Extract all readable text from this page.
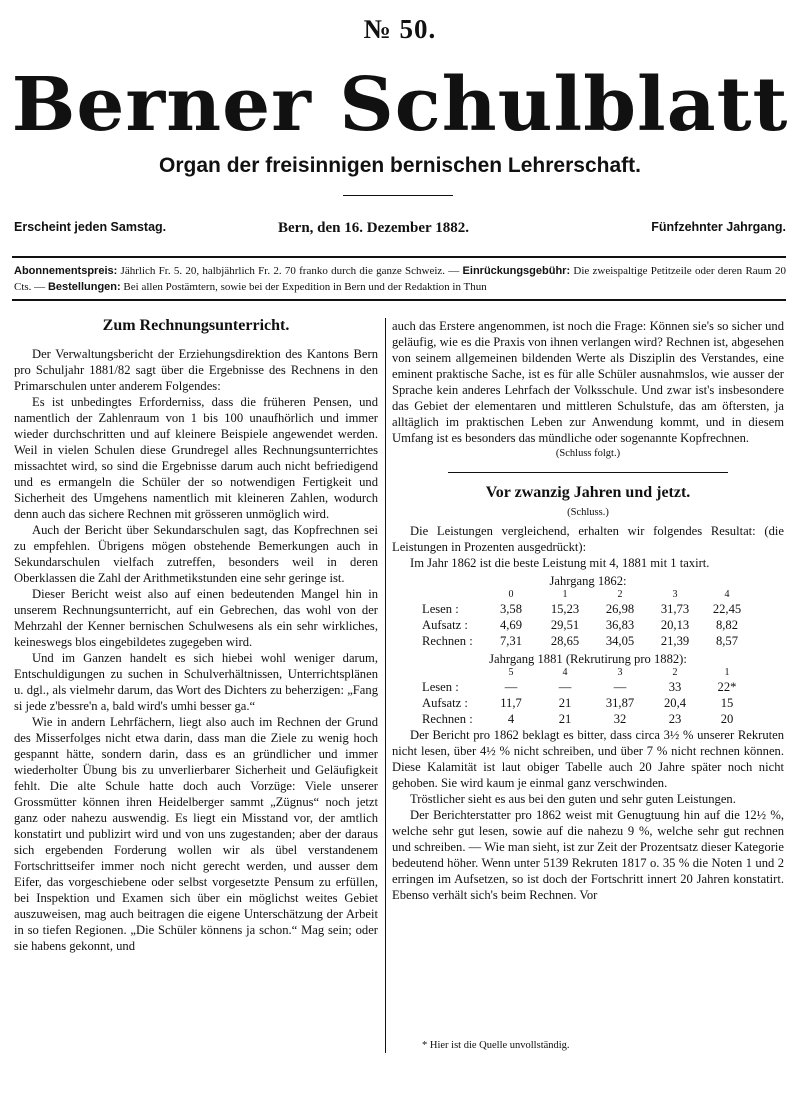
№ 50.
Berner Schulblatt
Organ der freisinnigen bernischen Lehrerschaft.
Erscheint jeden Samstag.	Bern, den 16. Dezember 1882.	Fünfzehnter Jahrgang.
Abonnementspreis: Jährlich Fr. 5. 20, halbjährlich Fr. 2. 70 franko durch die ganze Schweiz. — Einrückungsgebühr: Die zweispaltige Petitzeile oder deren Raum 20 Cts. — Bestellungen: Bei allen Postämtern, sowie bei der Expedition in Bern und der Redaktion in Thun
Zum Rechnungsunterricht.

Der Verwaltungsbericht der Erziehungsdirektion des Kantons Bern pro Schuljahr 1881/82 sagt über die Ergebnisse des Rechnens in den Primarschulen unter anderem Folgendes:

Es ist unbedingtes Erforderniss, dass die früheren Pensen, und namentlich der Zahlenraum von 1 bis 100 unaufhörlich und immer wieder durchschritten und auf kleinere Beispiele angewendet werden. Weil in vielen Schulen diese Grundregel alles Rechnungsunterrichtes missachtet wird, so sind die Ergebnisse darum auch nicht befriedigend und es ermangeln die Schüler der so notwendigen Fertigkeit und Sicherheit des Umgehens namentlich mit kleineren Zahlen, wodurch denn auch das sichere Rechnen mit grösseren unmöglich wird.

Auch der Bericht über Sekundarschulen sagt, das Kopfrechnen sei zu empfehlen. Übrigens mögen obstehende Bemerkungen auch in Sekundarschulen vielfach zutreffen, besonders weil in deren Oberklassen die Zahl der Arithmetikstunden eine sehr geringe ist.

Dieser Bericht weist also auf einen bedeutenden Mangel hin in unserem Rechnungsunterricht, auf ein Gebrechen, das wohl von der Mehrzahl der Kenner bernischen Schulwesens als ein sehr wirkliches, keineswegs blos eingebildetes zugegeben wird.

Und im Ganzen handelt es sich hiebei wohl weniger darum, Entschuldigungen zu suchen in Schulverhältnissen, Unterrichtsplänen u. dgl., als vielmehr darum, das Wort des Dichters zu beherzigen: „Fang si jede z'bessre'n a, bald wird's umhi besser ga.“

Wie in andern Lehrfächern, liegt also auch im Rechnen der Grund des Misserfolges nicht etwa darin, dass man die Ziele zu wenig hoch gespannt hätte, sondern darin, dass es an gründlicher und immer wiederholter Übung bis zu unverlierbarer Sicherheit und Geläufigkeit fehlt. Die alte Schule hatte doch auch Vorzüge: Viele unserer Grossmütter können ihren Heidelberger sammt „Zügnus“ noch jetzt ganz oder nahezu auswendig. Es liegt ein Misstand vor, der amtlich konstatirt und publizirt wird und von uns zugestanden; aber der daraus sich ergebenden Forderung wollen wir als übel verstandenem Fortschrittseifer immer noch nicht gerecht werden, und ausser dem Eifer, das vorgeschiebene oder selbst vorgesetzte Pensum zu erfüllen, bei Inspektion und Examen sich über ein möglichst weites Gebiet auszuweisen, mag auch beitragen die eigene Unterschätzung der Arbeit in so tiefen Regionen. „Die Schüler könnens ja schon.“ Mag sein; oder sie habens gekonnt, und

auch das Erstere angenommen, ist noch die Frage: Können sie's so sicher und geläufig, wie es die Praxis von ihnen verlangen wird? Rechnen ist, abgesehen von seinem allgemeinen bildenden Werte als Disziplin des Verstandes, eine eminent praktische Sache, ist es für alle Schüler ausnahmslos, wie ausser der Sprache kein anderes Lehrfach der Volksschule. Und zwar ist's insbesondere das Gebiet der elementaren und mittleren Schulstufe, das am öftersten, ja alltäglich im praktischen Leben zur Anwendung kommt, und in diesem Umfang ist es besonders das mündliche oder sogenannte Kopfrechnen.

(Schluss folgt.)

Vor zwanzig Jahren und jetzt.

(Schluss.)

Die Leistungen vergleichend, erhalten wir folgendes Resultat: (die Leistungen in Prozenten ausgedrückt):

Im Jahr 1862 ist die beste Leistung mit 4, 1881 mit 1 taxirt.

Jahrgang 1862:
	0	1	2	3	4
Lesen :	3,58	15,23	26,98	31,73	22,45
Aufsatz :	4,69	29,51	36,83	20,13	8,82
Rechnen :	7,31	28,65	34,05	21,39	8,57
Jahrgang 1881 (Rekrutirung pro 1882):
	5	4	3	2	1
Lesen :	—	—	—	33	22*
Aufsatz :	11,7	21	31,87	20,4	15
Rechnen :	4	21	32	23	20

Der Bericht pro 1862 beklagt es bitter, dass circa 3½ % unserer Rekruten nicht lesen, über 4½ % nicht schreiben, und über 7 % nicht rechnen können. Diese Kalamität ist laut obiger Tabelle auch 20 Jahre später noch nicht gehoben. Sie wird kaum je einmal ganz verschwinden.

Tröstlicher sieht es aus bei den guten und sehr guten Leistungen.

Der Berichterstatter pro 1862 weist mit Genugtuung hin auf die 12½ %, welche sehr gut lesen, sowie auf die nahezu 9 %, welche sehr gut rechnen und schreiben. — Wie man sieht, ist zur Zeit der Prozentsatz dieser Kategorie bedeutend höher. Wenn unter 5139 Rekruten 1817 o. 35 % die Noten 1 und 2 erringen im Aufsetzen, so ist doch der Fortschritt innert 20 Jahren konstatirt. Ebenso verhält sich's beim Rechnen. Vor

* Hier ist die Quelle unvollständig.
